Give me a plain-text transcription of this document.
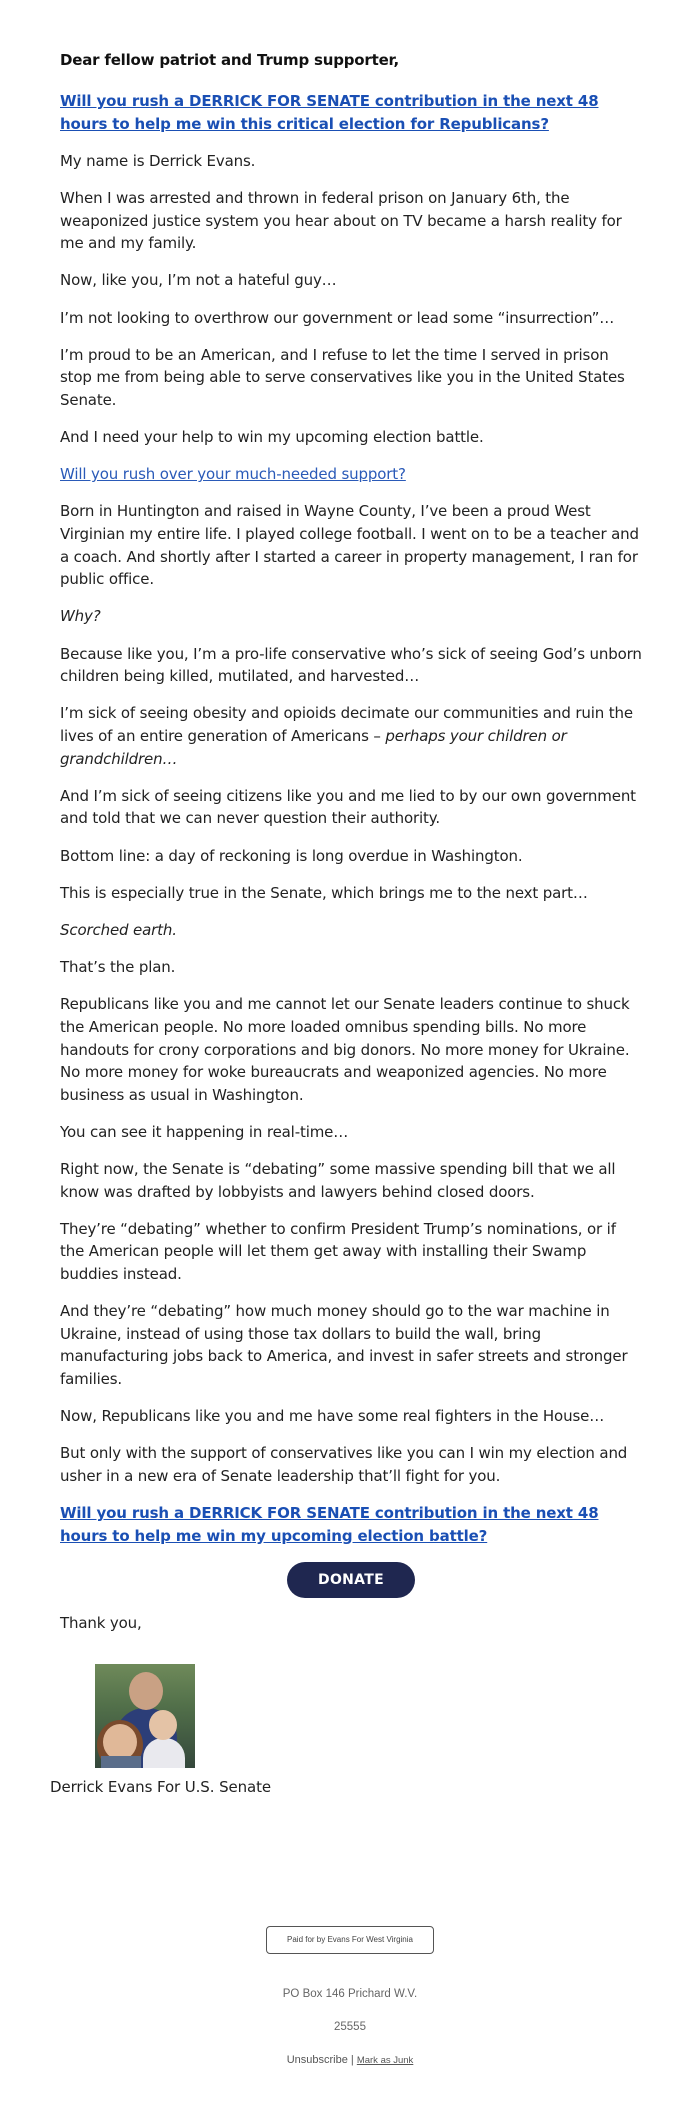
Dear fellow patriot and Trump supporter,
Will you rush a DERRICK FOR SENATE contribution in the next 48 hours to help me win this critical election for Republicans?

My name is Derrick Evans.

When I was arrested and thrown in federal prison on January 6th, the weaponized justice system you hear about on TV became a harsh reality for me and my family.

Now, like you, I’m not a hateful guy…

I’m not looking to overthrow our government or lead some “insurrection”…

I’m proud to be an American, and I refuse to let the time I served in prison stop me from being able to serve conservatives like you in the United States Senate.

And I need your help to win my upcoming election battle.

Will you rush over your much-needed support?

Born in Huntington and raised in Wayne County, I’ve been a proud West Virginian my entire life. I played college football. I went on to be a teacher and a coach. And shortly after I started a career in property management, I ran for public office.

Why?

Because like you, I’m a pro-life conservative who’s sick of seeing God’s unborn children being killed, mutilated, and harvested…

I’m sick of seeing obesity and opioids decimate our communities and ruin the lives of an entire generation of Americans – perhaps your children or grandchildren…

And I’m sick of seeing citizens like you and me lied to by our own government and told that we can never question their authority.

Bottom line: a day of reckoning is long overdue in Washington.

This is especially true in the Senate, which brings me to the next part…

Scorched earth.

That’s the plan.

Republicans like you and me cannot let our Senate leaders continue to shuck the American people. No more loaded omnibus spending bills. No more handouts for crony corporations and big donors. No more money for Ukraine. No more money for woke bureaucrats and weaponized agencies. No more business as usual in Washington.

You can see it happening in real-time…

Right now, the Senate is “debating” some massive spending bill that we all know was drafted by lobbyists and lawyers behind closed doors.

They’re “debating” whether to confirm President Trump’s nominations, or if the American people will let them get away with installing their Swamp buddies instead.

And they’re “debating” how much money should go to the war machine in Ukraine, instead of using those tax dollars to build the wall, bring manufacturing jobs back to America, and invest in safer streets and stronger families.

Now, Republicans like you and me have some real fighters in the House…

But only with the support of conservatives like you can I win my election and usher in a new era of Senate leadership that’ll fight for you.

Will you rush a DERRICK FOR SENATE contribution in the next 48 hours to help me win my upcoming election battle?
DONATE

Thank you,

Derrick Evans For U.S. Senate
Paid for by Evans For West Virginia
PO Box 146 Prichard W.V.
25555
Unsubscribe | Mark as Junk
